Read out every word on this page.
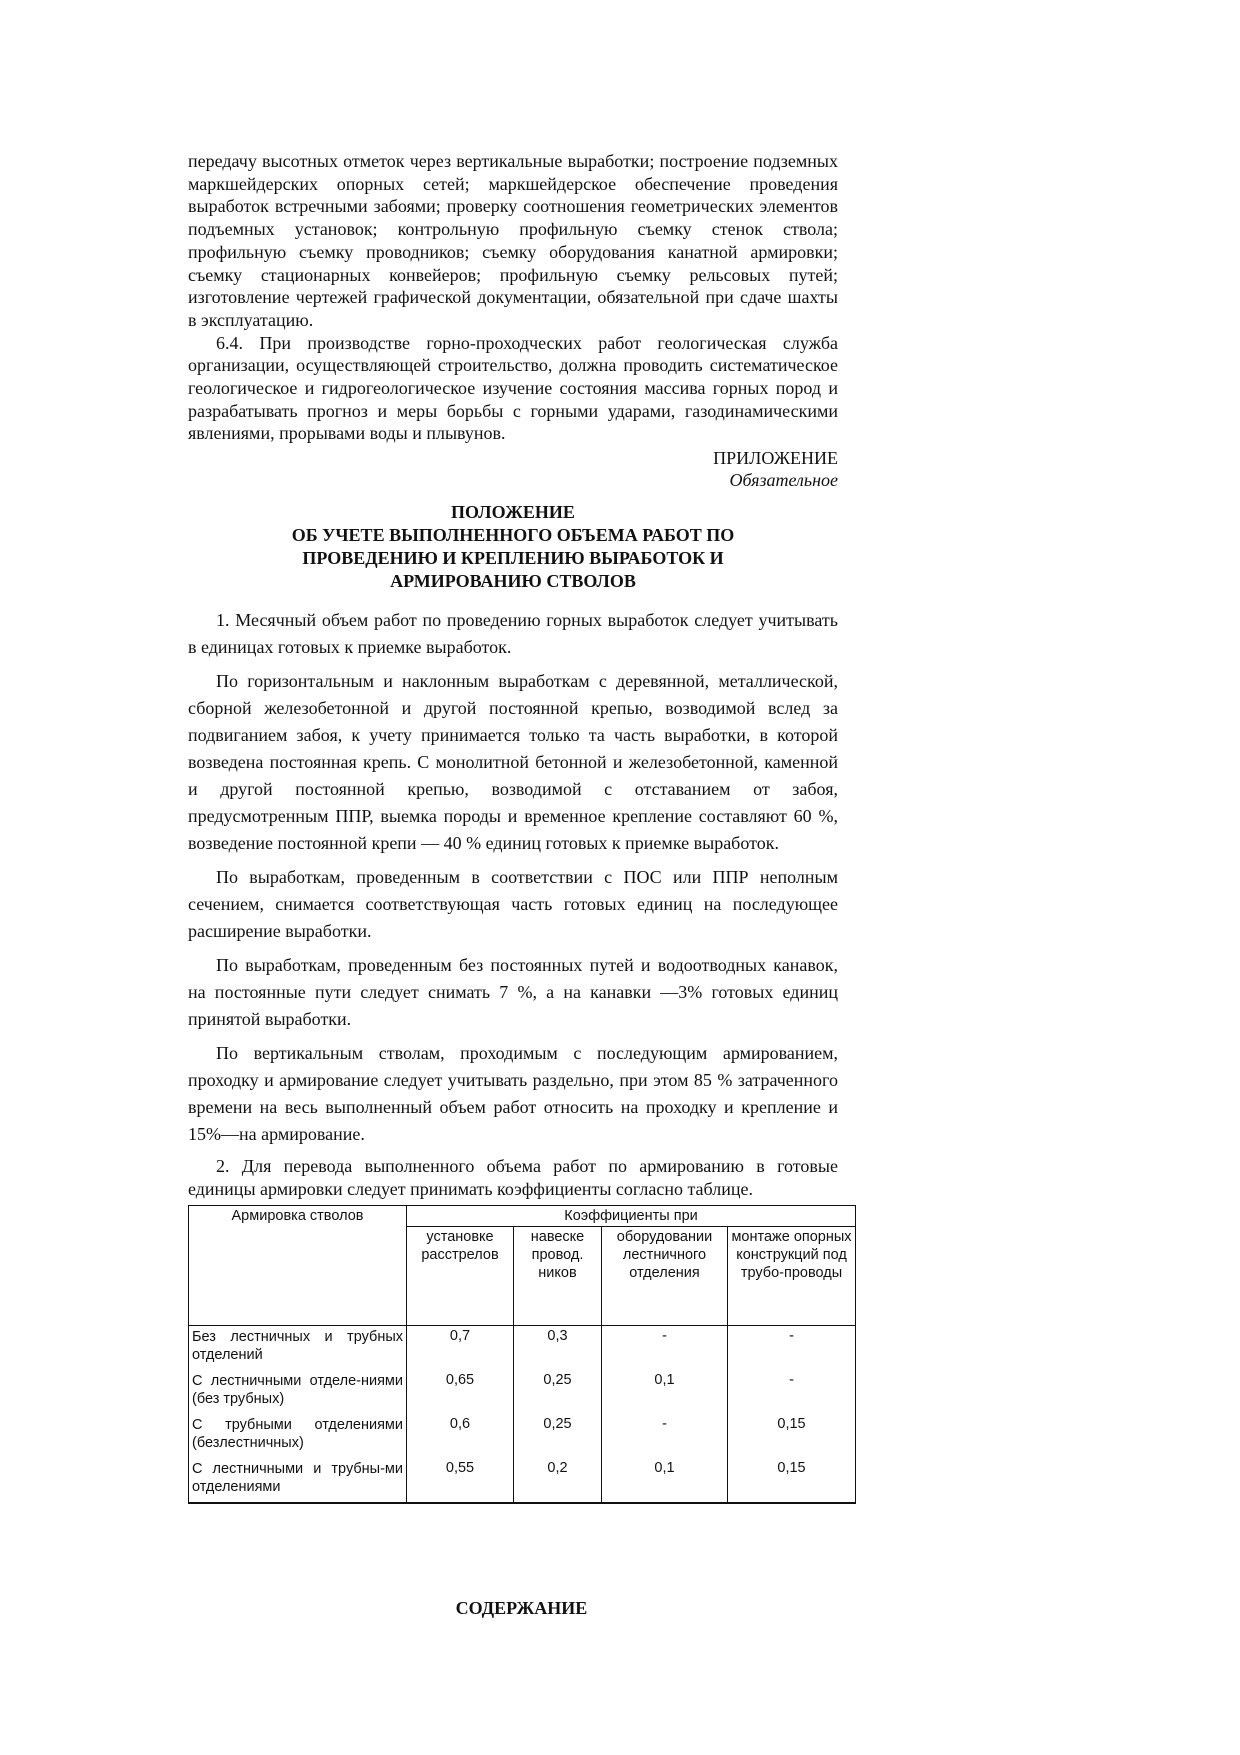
передачу высотных отметок через вертикальные выработки; построение подземных маркшейдерских опорных сетей; маркшейдерское обеспечение проведения выработок встречными забоями; проверку соотношения геометрических элементов подъемных установок; контрольную профильную съемку стенок ствола; профильную съемку проводников; съемку оборудования канатной армировки; съемку стационарных конвейеров; профильную съемку рельсовых путей; изготовление чертежей графической документации, обязательной при сдаче шахты в эксплуатацию.

6.4. При производстве горно-проходческих работ геологическая служба организации, осуществляющей строительство, должна проводить систематическое геологическое и гидрогеологическое изучение состояния массива горных пород и разрабатывать прогноз и меры борьбы с горными ударами, газодинамическими явлениями, прорывами воды и плывунов.

ПРИЛОЖЕНИЕ
Обязательное
ПОЛОЖЕНИЕ
ОБ УЧЕТЕ ВЫПОЛНЕННОГО ОБЪЕМА РАБОТ ПО ПРОВЕДЕНИЮ И КРЕПЛЕНИЮ ВЫРАБОТОК И АРМИРОВАНИЮ СТВОЛОВ

1. Месячный объем работ по проведению горных выработок следует учитывать в единицах готовых к приемке выработок.

По горизонтальным и наклонным выработкам с деревянной, металлической, сборной железобетонной и другой постоянной крепью, возводимой вслед за подвиганием забоя, к учету принимается только та часть выработки, в которой возведена постоянная крепь. С монолитной бетонной и железобетонной, каменной и другой постоянной крепью, возводимой с отставанием от забоя, предусмотренным ППР, выемка породы и временное крепление составляют 60 %, возведение постоянной крепи — 40 % единиц готовых к приемке выработок.

По выработкам, проведенным в соответствии с ПОС или ППР неполным сечением, снимается соответствующая часть готовых единиц на последующее расширение выработки.

По выработкам, проведенным без постоянных путей и водоотводных канавок, на постоянные пути следует снимать 7 %, а на канавки —3% готовых единиц принятой выработки.

По вертикальным стволам, проходимым с последующим армированием, проходку и армирование следует учитывать раздельно, при этом 85 % затраченного времени на весь выполненный объем работ относить на проходку и крепление и 15%—на армирование.

2. Для перевода выполненного объема работ по армированию в готовые единицы армировки следует принимать коэффициенты согласно таблице.

Армировка стволов	Коэффициенты при			
	установке расстрелов	навеске провод. ников	оборудовании лестничного отделения	монтаже опорных конструкций под трубо-проводы
Без лестничных и трубных отделений	0,7	0,3	-	-
С лестничными отделе-ниями (без трубных)	0,65	0,25	0,1	-
С трубными отделениями (безлестничных)	0,6	0,25	-	0,15
С лестничными и трубны-ми отделениями	0,55	0,2	0,1	0,15
СОДЕРЖАНИЕ
